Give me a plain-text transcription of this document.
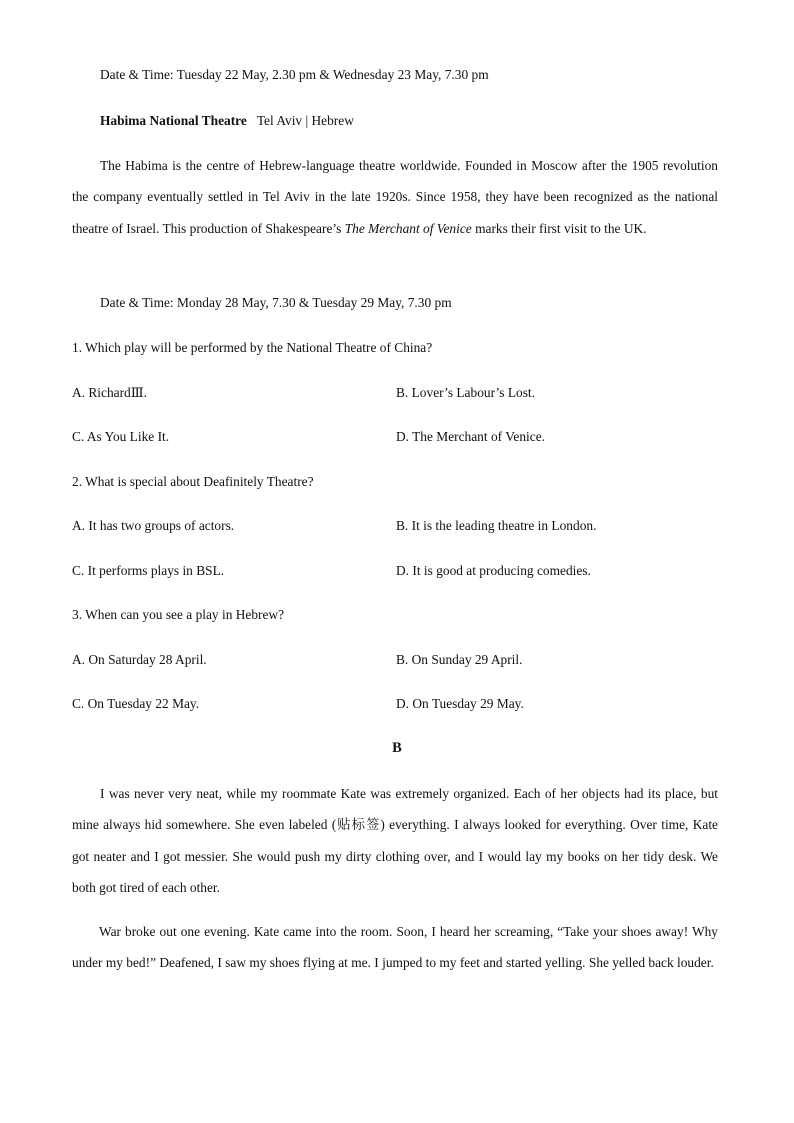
Date & Time: Tuesday 22 May, 2.30 pm & Wednesday 23 May, 7.30 pm
Habima National Theatre Tel Aviv | Hebrew
The Habima is the centre of Hebrew-language theatre worldwide. Founded in Moscow after the 1905 revolution the company eventually settled in Tel Aviv in the late 1920s. Since 1958, they have been recognized as the national theatre of Israel. This production of Shakespeare’s The Merchant of Venice marks their first visit to the UK.
Date & Time: Monday 28 May, 7.30 & Tuesday 29 May, 7.30 pm
1. Which play will be performed by the National Theatre of China?
A. RichardⅢ.	B. Lover’s Labour’s Lost.
C. As You Like It.	D. The Merchant of Venice.
2. What is special about Deafinitely Theatre?
A. It has two groups of actors.	B. It is the leading theatre in London.
C. It performs plays in BSL.	D. It is good at producing comedies.
3. When can you see a play in Hebrew?
A. On Saturday 28 April.	B. On Sunday 29 April.
C. On Tuesday 22 May.	D. On Tuesday 29 May.
B
I was never very neat, while my roommate Kate was extremely organized. Each of her objects had its place, but mine always hid somewhere. She even labeled (贴标签) everything. I always looked for everything. Over time, Kate got neater and I got messier. She would push my dirty clothing over, and I would lay my books on her tidy desk. We both got tired of each other.
War broke out one evening. Kate came into the room. Soon, I heard her screaming, “Take your shoes away! Why under my bed!” Deafened, I saw my shoes flying at me. I jumped to my feet and started yelling. She yelled back louder.
